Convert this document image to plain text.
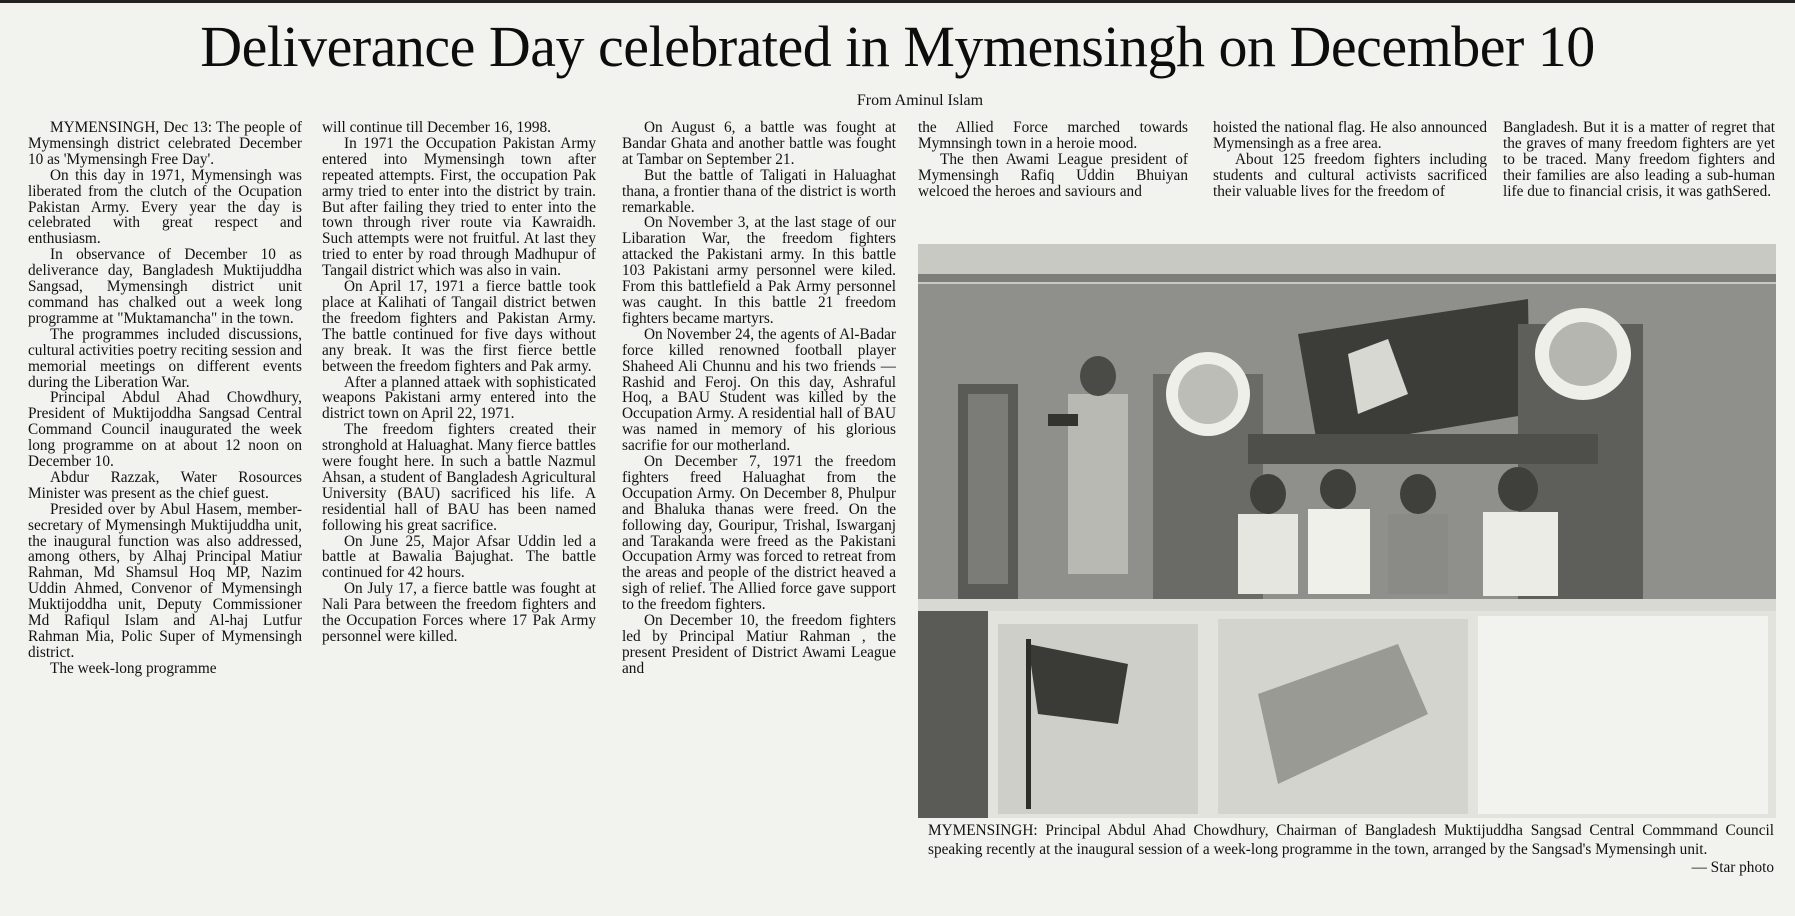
Deliverance Day celebrated in Mymensingh on December 10
From Aminul Islam

MYMENSINGH, Dec 13: The people of Mymensingh district celebrated December 10 as 'Mymensingh Free Day'.

On this day in 1971, Mymensingh was liberated from the clutch of the Ocupation Pakistan Army. Every year the day is celebrated with great respect and enthusiasm.

In observance of December 10 as deliverance day, Bangladesh Muktijuddha Sangsad, Mymensingh district unit command has chalked out a week long programme at "Muktamancha" in the town.

The programmes included discussions, cultural activities poetry reciting session and memorial meetings on different events during the Liberation War.

Principal Abdul Ahad Chowdhury, President of Muktijoddha Sangsad Central Command Council inaugurated the week long programme on at about 12 noon on December 10.

Abdur Razzak, Water Rosources Minister was present as the chief guest.

Presided over by Abul Hasem, member-secretary of Mymensingh Muktijuddha unit, the inaugural function was also addressed, among others, by Alhaj Principal Matiur Rahman, Md Shamsul Hoq MP, Nazim Uddin Ahmed, Convenor of Mymensingh Muktijoddha unit, Deputy Commissioner Md Rafiqul Islam and Al-haj Lutfur Rahman Mia, Polic Super of Mymensingh district.

The week-long programme

will continue till December 16, 1998.

In 1971 the Occupation Pakistan Army entered into Mymensingh town after repeated attempts. First, the occupation Pak army tried to enter into the district by train. But after failing they tried to enter into the town through river route via Kawraidh. Such attempts were not fruitful. At last they tried to enter by road through Madhupur of Tangail district which was also in vain.

On April 17, 1971 a fierce battle took place at Kalihati of Tangail district betwen the freedom fighters and Pakistan Army. The battle continued for five days without any break. It was the first fierce bettle between the freedom fighters and Pak army.

After a planned attaek with sophisticated weapons Pakistani army entered into the district town on April 22, 1971.

The freedom fighters created their stronghold at Haluaghat. Many fierce battles were fought here. In such a battle Nazmul Ahsan, a student of Bangladesh Agricultural University (BAU) sacrificed his life. A residential hall of BAU has been named following his great sacrifice.

On June 25, Major Afsar Uddin led a battle at Bawalia Bajughat. The battle continued for 42 hours.

On July 17, a fierce battle was fought at Nali Para between the freedom fighters and the Occupation Forces where 17 Pak Army personnel were killed.

On August 6, a battle was fought at Bandar Ghata and another battle was fought at Tambar on September 21.

But the battle of Taligati in Haluaghat thana, a frontier thana of the district is worth remarkable.

On November 3, at the last stage of our Libaration War, the freedom fighters attacked the Pakistani army. In this battle 103 Pakistani army personnel were kiled. From this battlefield a Pak Army personnel was caught. In this battle 21 freedom fighters became martyrs.

On November 24, the agents of Al-Badar force killed renowned football player Shaheed Ali Chunnu and his two friends — Rashid and Feroj. On this day, Ashraful Hoq, a BAU Student was killed by the Occupation Army. A residential hall of BAU was named in memory of his glorious sacrifie for our motherland.

On December 7, 1971 the freedom fighters freed Haluaghat from the Occupation Army. On December 8, Phulpur and Bhaluka thanas were freed. On the following day, Gouripur, Trishal, Iswarganj and Tarakanda were freed as the Pakistani Occupation Army was forced to retreat from the areas and people of the district heaved a sigh of relief. The Allied force gave support to the freedom fighters.

On December 10, the freedom fighters led by Principal Matiur Rahman , the present President of District Awami League and

the Allied Force marched towards Mymnsingh town in a heroie mood.

The then Awami League president of Mymensingh Rafiq Uddin Bhuiyan welcoed the heroes and saviours and

hoisted the national flag. He also announced Mymensingh as a free area.

About 125 freedom fighters including students and cultural activists sacrificed their valuable lives for the freedom of

Bangladesh. But it is a matter of regret that the graves of many freedom fighters are yet to be traced. Many freedom fighters and their families are also leading a sub-human life due to financial crisis, it was gathSered.

MYMENSINGH: Principal Abdul Ahad Chowdhury, Chairman of Bangladesh Muktijuddha Sangsad Central Commmand Council speaking recently at the inaugural session of a week-long programme in the town, arranged by the Sangsad's Mymensingh unit.
— Star photo
